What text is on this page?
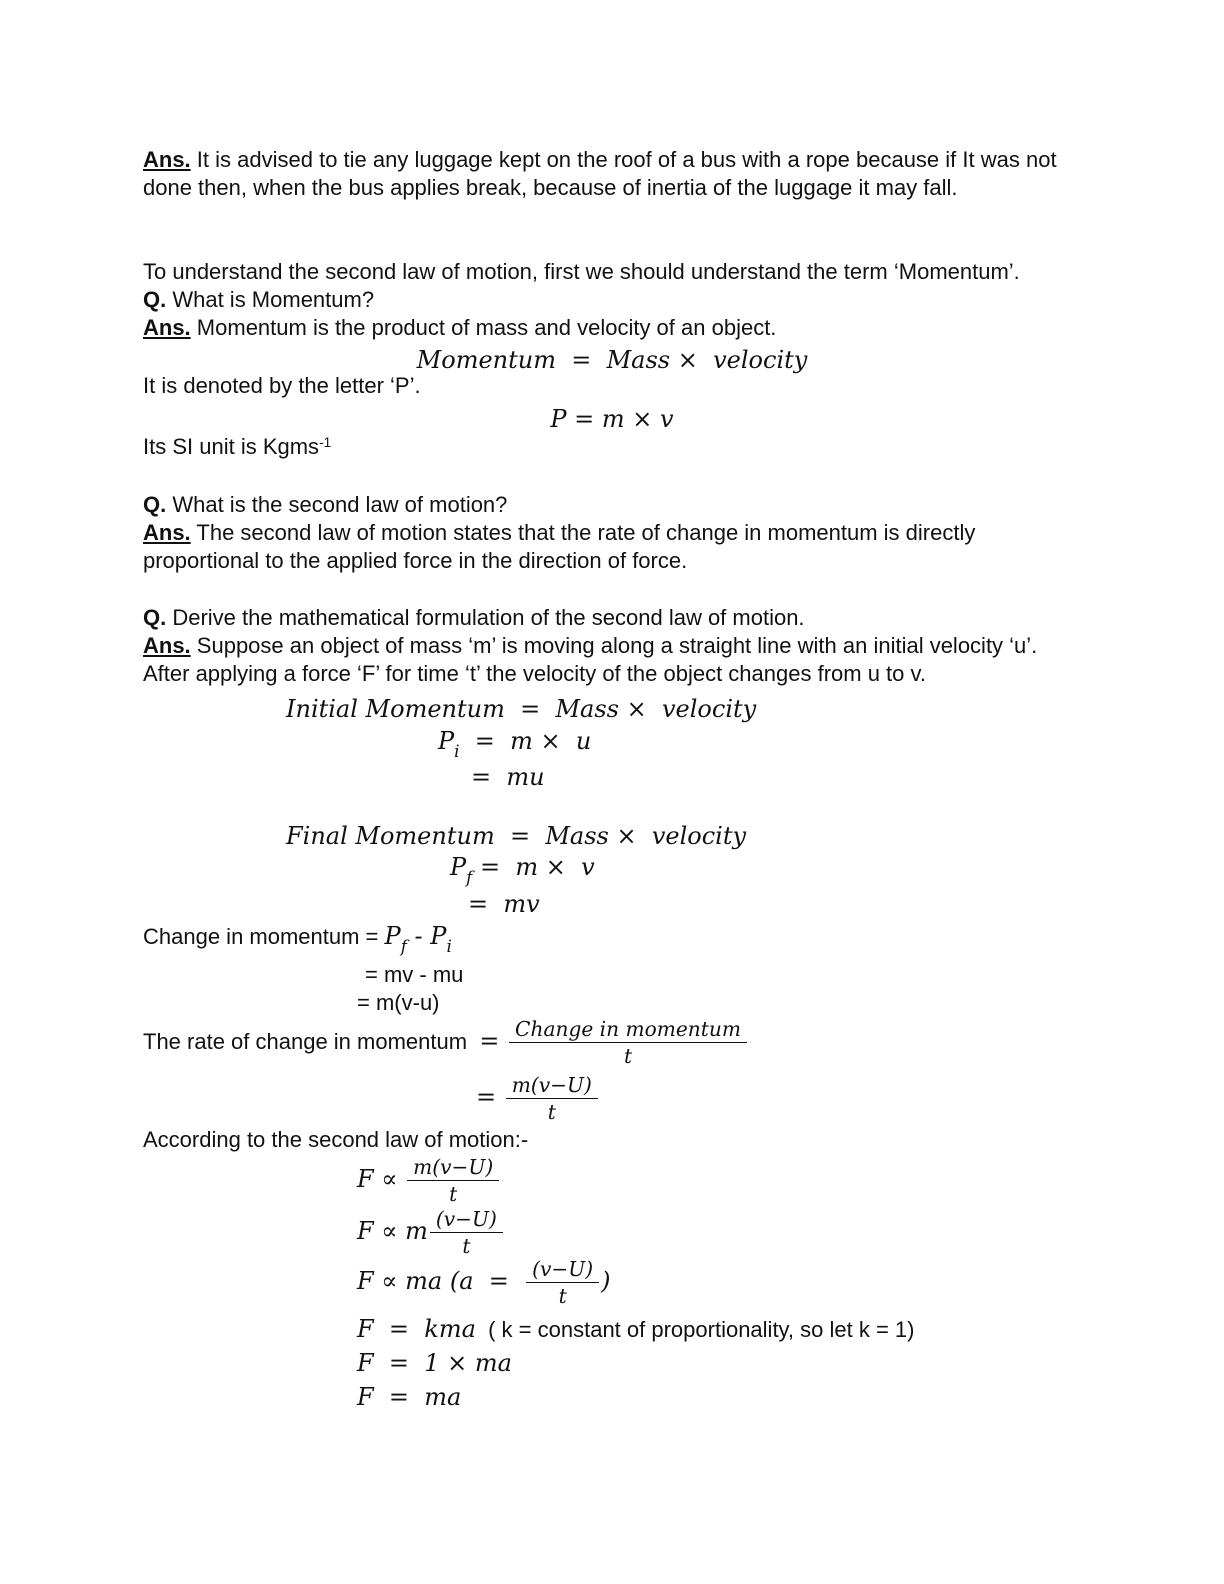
Ans. It is advised to tie any luggage kept on the roof of a bus with a rope because if It was not
done then, when the bus applies break, because of inertia of the luggage it may fall.
To understand the second law of motion, first we should understand the term ‘Momentum’.
Q. What is Momentum?
Ans. Momentum is the product of mass and velocity of an object.
Momentum  =  Mass ×  velocity
It is denoted by the letter ‘P’.
P = m × v
Its SI unit is Kgms$^{-1}$
Q. What is the second law of motion?
Ans. The second law of motion states that the rate of change in momentum is directly
proportional to the applied force in the direction of force.
Q. Derive the mathematical formulation of the second law of motion.
Ans. Suppose an object of mass ‘m’ is moving along a straight line with an initial velocity ‘u’.
After applying a force ‘F’ for time ‘t’ the velocity of the object changes from u to v.
Initial Momentum  =  Mass ×  velocity
$P_i = m \times u$
=  mu
Final Momentum  =  Mass ×  velocity
$P_f = m \times v$
=  mv
Change in momentum = $P_f - P_i$
= mv - mu
= m(v-u)
The rate of change in momentum  = $\frac{\text{Change in momentum}}{t}$
= $\frac{m(v-U)}{t}$
According to the second law of motion:-
$F \propto \frac{m(v-U)}{t}$
F ∝ m $\frac{(v-U)}{t}$
F ∝ ma ($a = \frac{(v-U)}{t}$ )
F  =  kma  ( k = constant of proportionality, so let k = 1)
F  =  1 × ma
F  =  ma
